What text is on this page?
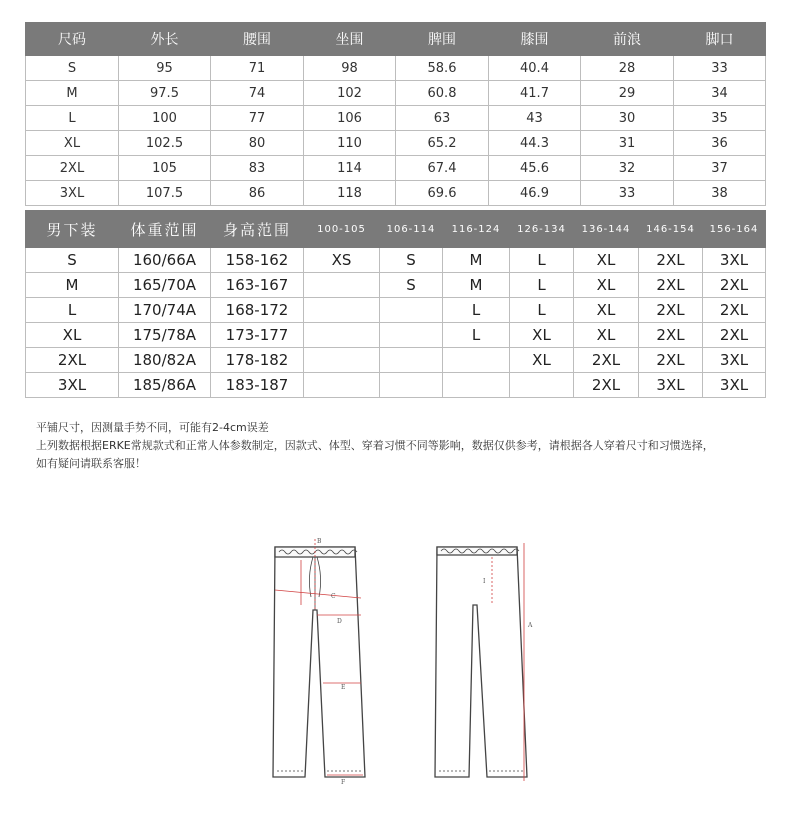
尺码	外长	腰围	坐围	脾围	膝围	前浪	脚口
S	95	71	98	58.6	40.4	28	33
M	97.5	74	102	60.8	41.7	29	34
L	100	77	106	63	43	30	35
XL	102.5	80	110	65.2	44.3	31	36
2XL	105	83	114	67.4	45.6	32	37
3XL	107.5	86	118	69.6	46.9	33	38
男下装	体重范围	身高范围	100-105	106-114	116-124	126-134	136-144	146-154	156-164
S	160/66A	158-162	XS	S	M	L	XL	2XL	3XL
M	165/70A	163-167		S	M	L	XL	2XL	2XL
L	170/74A	168-172			L	L	XL	2XL	2XL
XL	175/78A	173-177			L	XL	XL	2XL	2XL
2XL	180/82A	178-182				XL	2XL	2XL	3XL
3XL	185/86A	183-187					2XL	3XL	3XL

平铺尺寸，因测量手势不同，可能有2-4cm误差

上列数据根据ERKE常规款式和正常人体参数制定，因款式、体型、穿着习惯不同等影响，数据仅供参考，请根据各人穿着尺寸和习惯选择，

如有疑问请联系客服！

B
C
D
E
F
A
I
